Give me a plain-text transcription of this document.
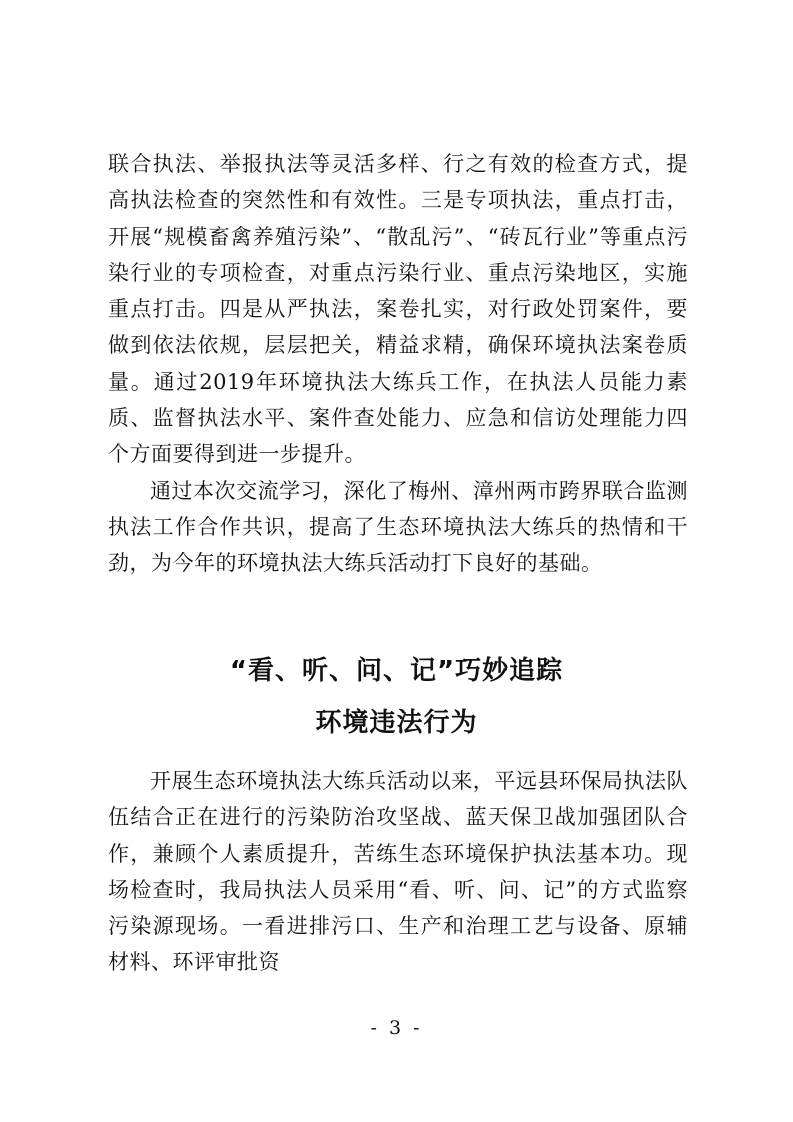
联合执法、举报执法等灵活多样、行之有效的检查方式，提高执法检查的突然性和有效性。三是专项执法，重点打击，开展“规模畜禽养殖污染”、“散乱污”、“砖瓦行业”等重点污染行业的专项检查，对重点污染行业、重点污染地区，实施重点打击。四是从严执法，案卷扎实，对行政处罚案件，要做到依法依规，层层把关，精益求精，确保环境执法案卷质量。通过2019年环境执法大练兵工作，在执法人员能力素质、监督执法水平、案件查处能力、应急和信访处理能力四个方面要得到进一步提升。

通过本次交流学习，深化了梅州、漳州两市跨界联合监测执法工作合作共识，提高了生态环境执法大练兵的热情和干劲，为今年的环境执法大练兵活动打下良好的基础。

“看、听、问、记”巧妙追踪
环境违法行为

开展生态环境执法大练兵活动以来，平远县环保局执法队伍结合正在进行的污染防治攻坚战、蓝天保卫战加强团队合作，兼顾个人素质提升，苦练生态环境保护执法基本功。现场检查时，我局执法人员采用“看、听、问、记”的方式监察污染源现场。一看进排污口、生产和治理工艺与设备、原辅材料、环评审批资

- 3 -
